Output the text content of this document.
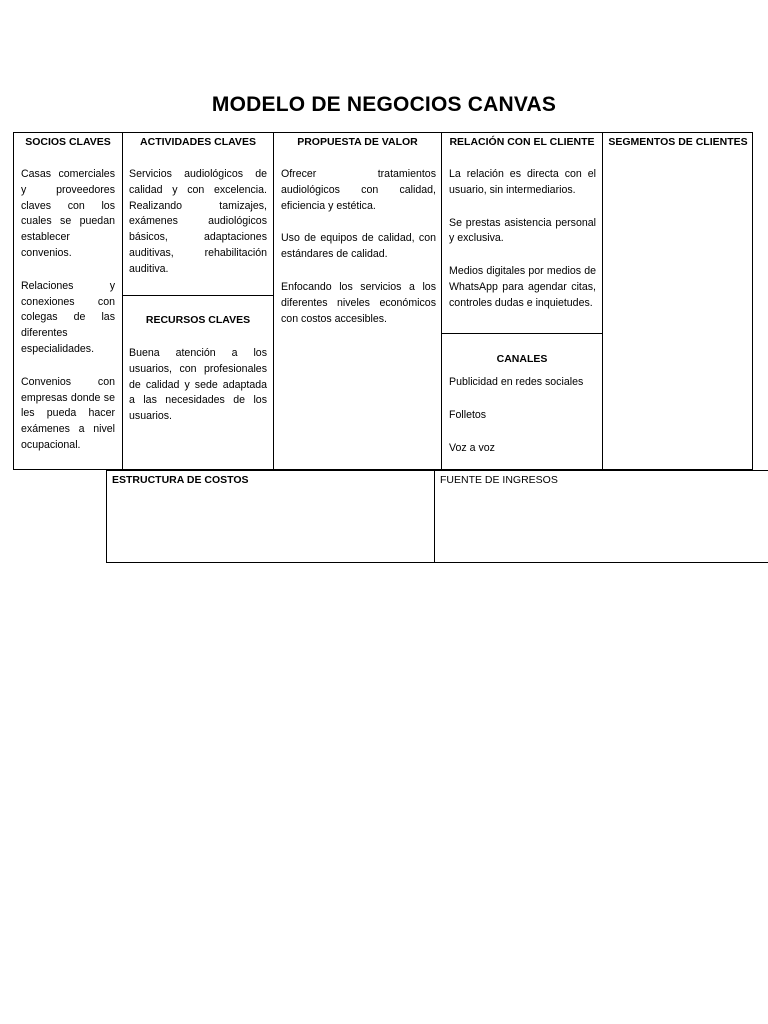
MODELO DE NEGOCIOS CANVAS
SOCIOS CLAVES

Casas comerciales y proveedores claves con los cuales se puedan establecer convenios.

Relaciones y conexiones con colegas de las diferentes especialidades.

Convenios con empresas donde se les pueda hacer exámenes a nivel ocupacional.

ACTIVIDADES CLAVES

Servicios audiológicos de calidad y con excelencia. Realizando tamizajes, exámenes audiológicos básicos, adaptaciones auditivas, rehabilitación auditiva.

RECURSOS CLAVES

Buena atención a los usuarios, con profesionales de calidad y sede adaptada a las necesidades de los usuarios.

PROPUESTA DE VALOR

Ofrecer tratamientos audiológicos con calidad, eficiencia y estética.

Uso de equipos de calidad, con estándares de calidad.

Enfocando los servicios a los diferentes niveles económicos con costos accesibles.

RELACIÓN CON EL CLIENTE

La relación es directa con el usuario, sin intermediarios.

Se prestas asistencia personal y exclusiva.

Medios digitales por medios de WhatsApp para agendar citas, controles dudas e inquietudes.

CANALES

Publicidad en redes sociales

Folletos

Voz a voz

SEGMENTOS DE CLIENTES
ESTRUCTURA DE COSTOS	FUENTE DE INGRESOS
